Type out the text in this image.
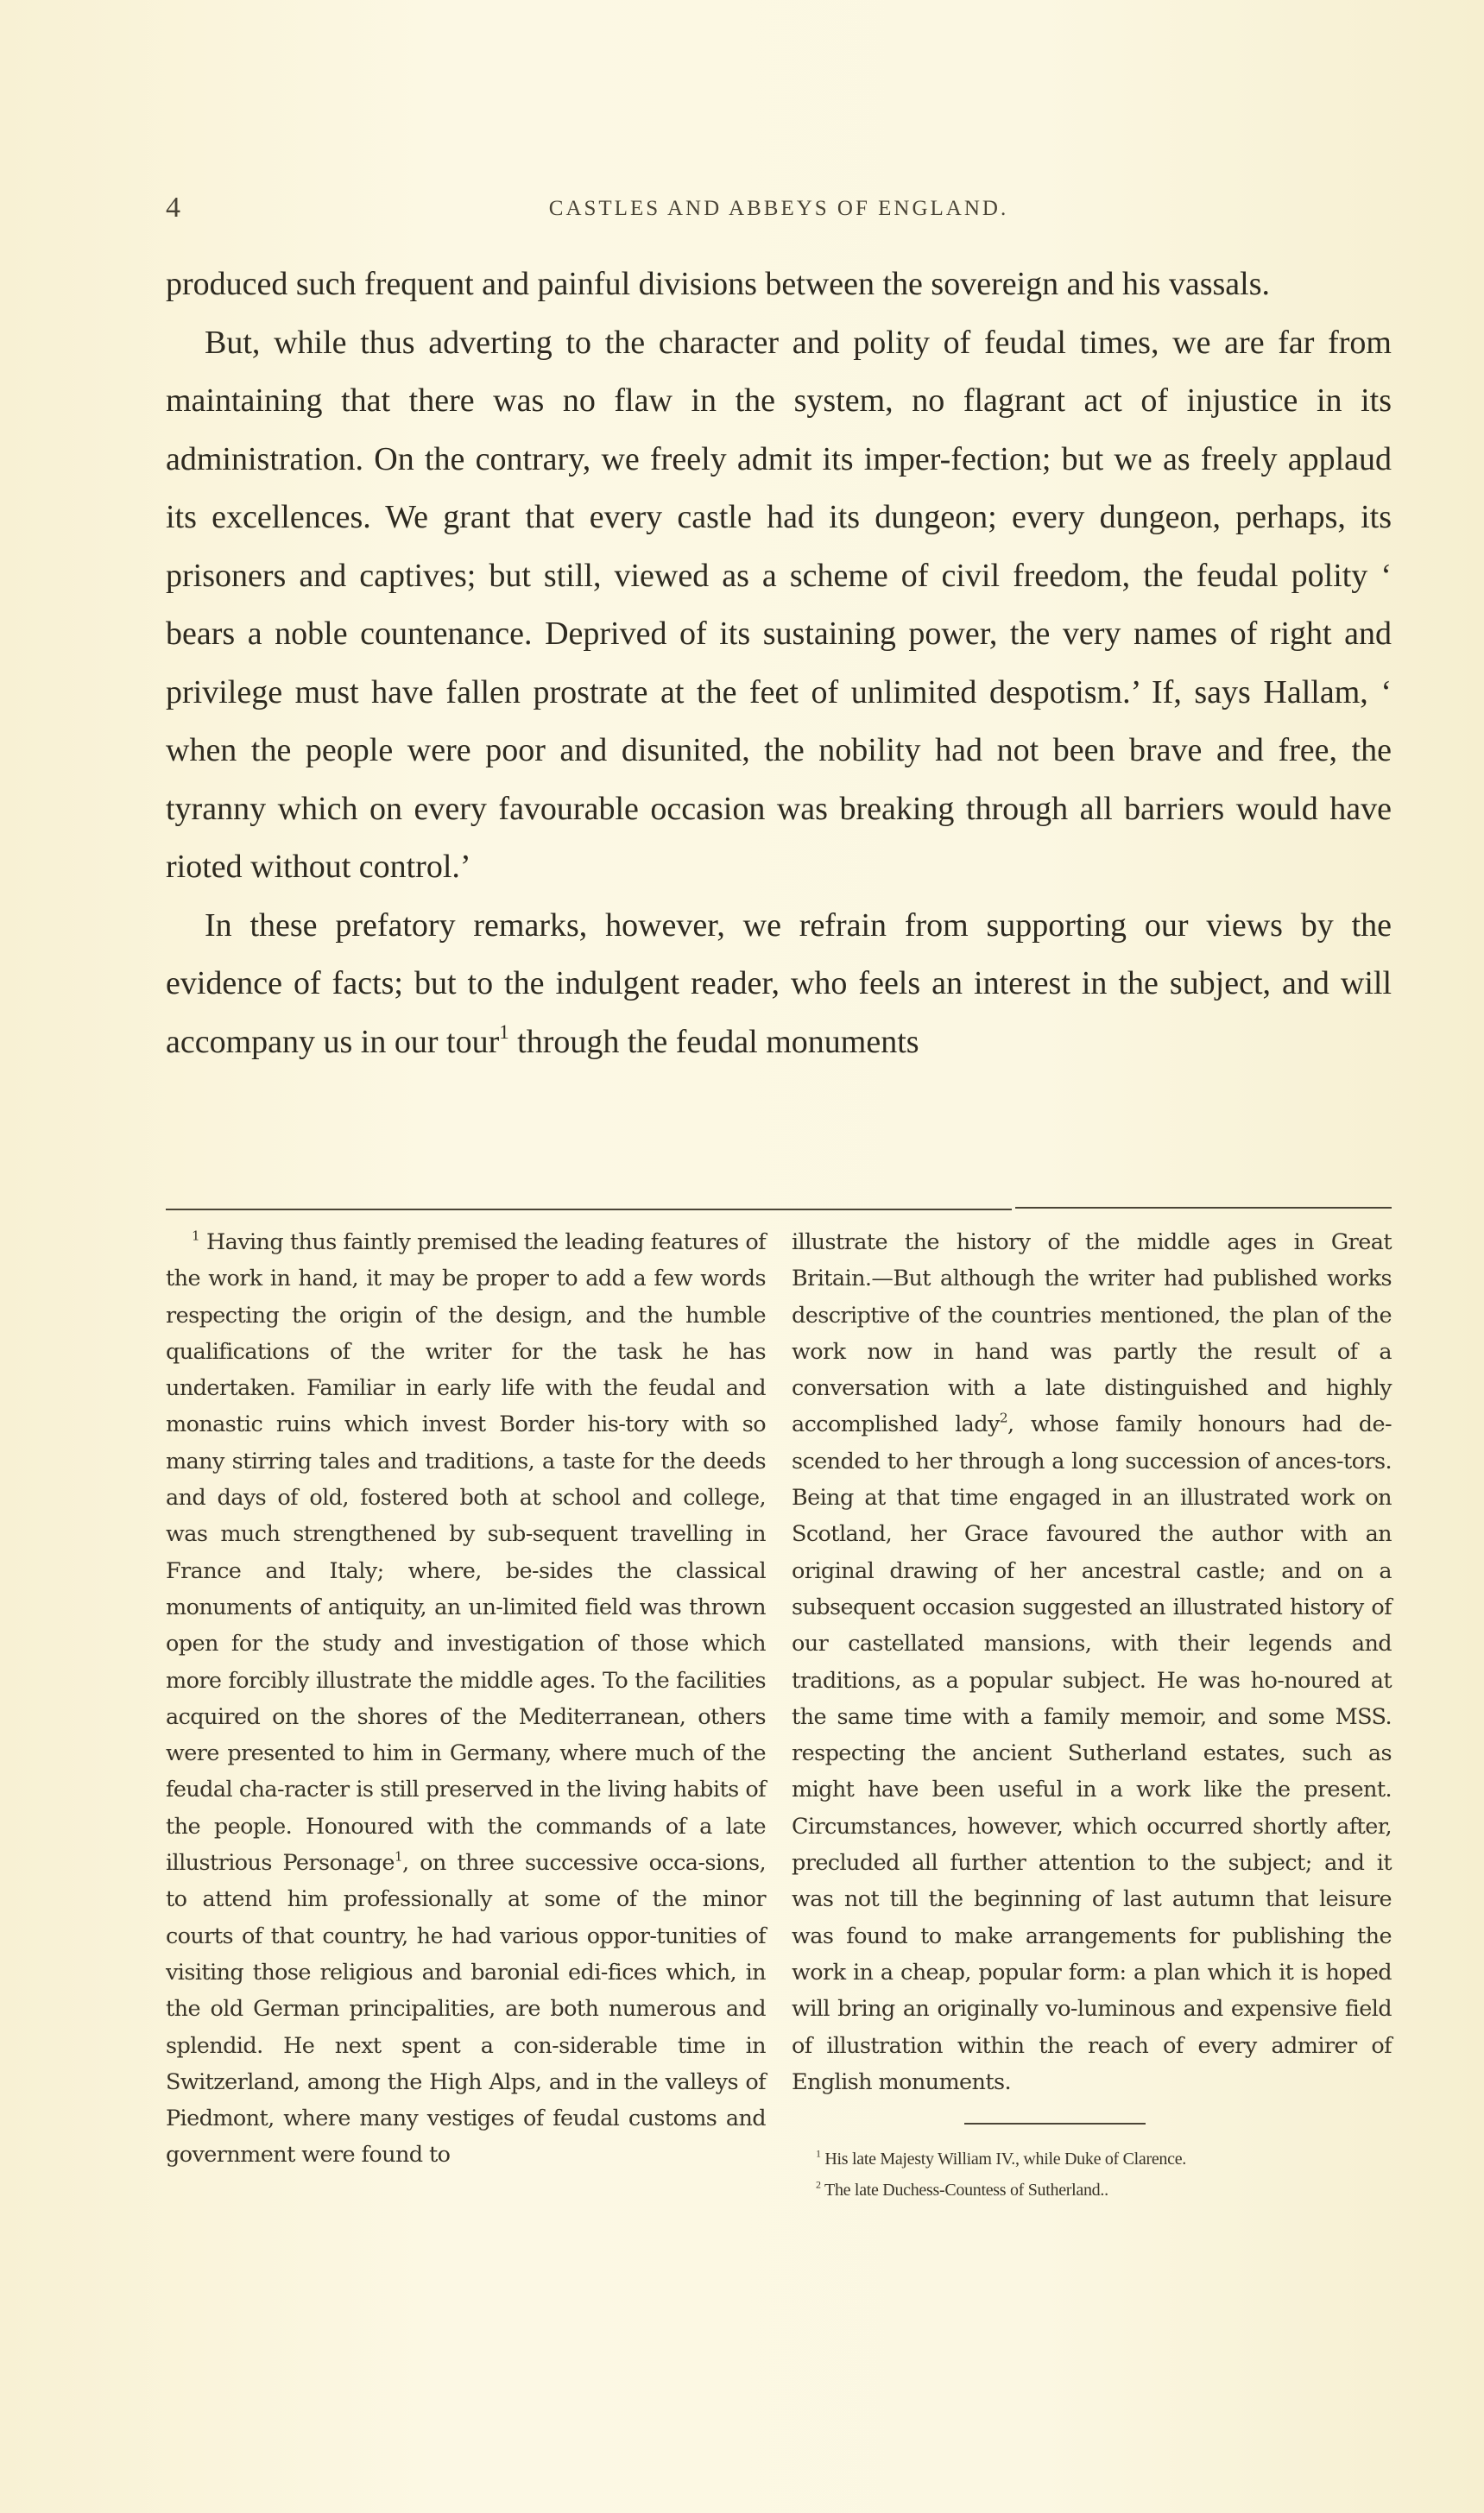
4	CASTLES AND ABBEYS OF ENGLAND.

produced such frequent and painful divisions between the sovereign and his vassals.

But, while thus adverting to the character and polity of feudal times, we are far from maintaining that there was no flaw in the system, no flagrant act of injustice in its administration. On the contrary, we freely admit its imper-fection; but we as freely applaud its excellences. We grant that every castle had its dungeon; every dungeon, perhaps, its prisoners and captives; but still, viewed as a scheme of civil freedom, the feudal polity ‘ bears a noble countenance. Deprived of its sustaining power, the very names of right and privilege must have fallen prostrate at the feet of unlimited despotism.’ If, says Hallam, ‘ when the people were poor and disunited, the nobility had not been brave and free, the tyranny which on every favourable occasion was breaking through all barriers would have rioted without control.’

In these prefatory remarks, however, we refrain from supporting our views by the evidence of facts; but to the indulgent reader, who feels an interest in the subject, and will accompany us in our tour$^1$ through the feudal monuments

$^1$ Having thus faintly premised the leading features of the work in hand, it may be proper to add a few words respecting the origin of the design, and the humble qualifications of the writer for the task he has undertaken. Familiar in early life with the feudal and monastic ruins which invest Border his-tory with so many stirring tales and traditions, a taste for the deeds and days of old, fostered both at school and college, was much strengthened by sub-sequent travelling in France and Italy; where, be-sides the classical monuments of antiquity, an un-limited field was thrown open for the study and investigation of those which more forcibly illustrate the middle ages. To the facilities acquired on the shores of the Mediterranean, others were presented to him in Germany, where much of the feudal cha-racter is still preserved in the living habits of the people. Honoured with the commands of a late illustrious Personage$^1$, on three successive occa-sions, to attend him professionally at some of the minor courts of that country, he had various oppor-tunities of visiting those religious and baronial edi-fices which, in the old German principalities, are both numerous and splendid. He next spent a con-siderable time in Switzerland, among the High Alps, and in the valleys of Piedmont, where many vestiges of feudal customs and government were found to

illustrate the history of the middle ages in Great Britain.—But although the writer had published works descriptive of the countries mentioned, the plan of the work now in hand was partly the result of a conversation with a late distinguished and highly accomplished lady$^2$, whose family honours had de-scended to her through a long succession of ances-tors. Being at that time engaged in an illustrated work on Scotland, her Grace favoured the author with an original drawing of her ancestral castle; and on a subsequent occasion suggested an illustrated history of our castellated mansions, with their legends and traditions, as a popular subject. He was ho-noured at the same time with a family memoir, and some MSS. respecting the ancient Sutherland estates, such as might have been useful in a work like the present. Circumstances, however, which occurred shortly after, precluded all further attention to the subject; and it was not till the beginning of last autumn that leisure was found to make arrangements for publishing the work in a cheap, popular form: a plan which it is hoped will bring an originally vo-luminous and expensive field of illustration within the reach of every admirer of English monuments.

$^1$ His late Majesty William IV., while Duke of Clarence.
$^2$ The late Duchess-Countess of Sutherland..
